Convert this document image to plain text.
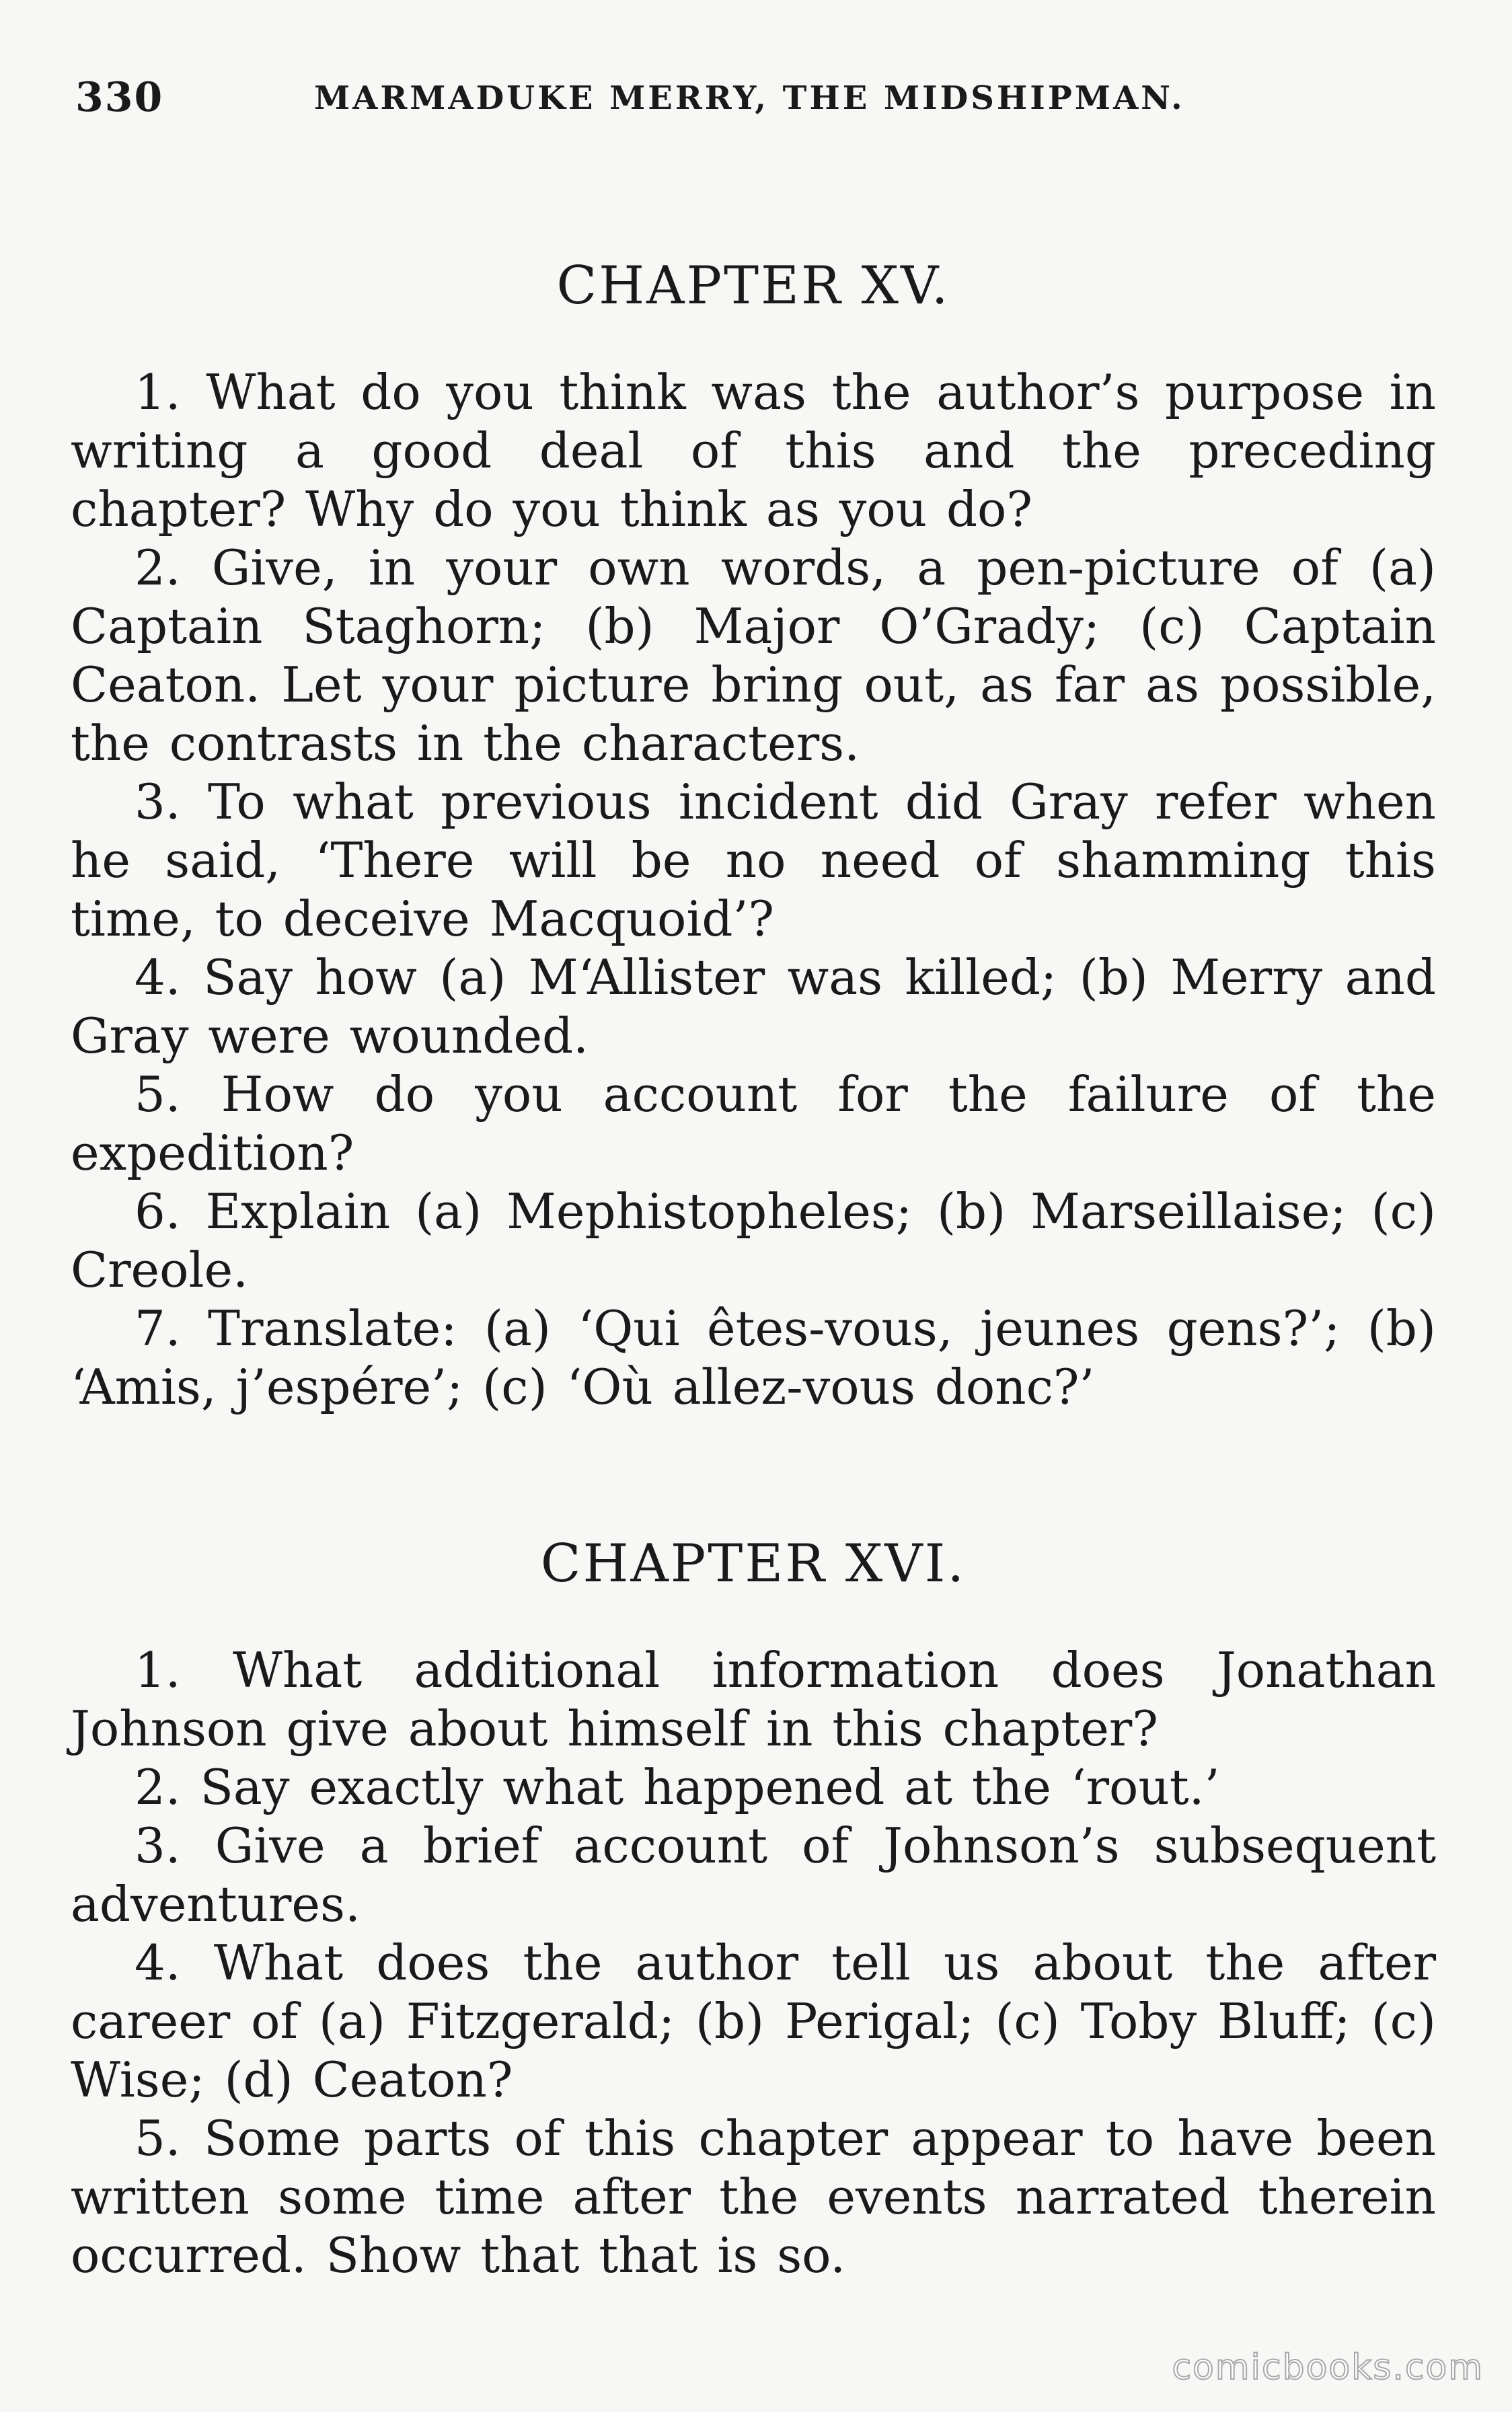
330	MARMADUKE MERRY, THE MIDSHIPMAN.
CHAPTER XV.

1. What do you think was the author’s purpose in writing a good deal of this and the preceding chapter? Why do you think as you do?

2. Give, in your own words, a pen-picture of (a) Captain Staghorn; (b) Major O’Grady; (c) Captain Ceaton. Let your picture bring out, as far as possible, the contrasts in the characters.

3. To what previous incident did Gray refer when he said, ‘There will be no need of shamming this time, to deceive Macquoid’?

4. Say how (a) M‘Allister was killed; (b) Merry and Gray were wounded.

5. How do you account for the failure of the expedition?

6. Explain (a) Mephistopheles; (b) Marseillaise; (c) Creole.

7. Translate: (a) ‘Qui êtes-vous, jeunes gens?’; (b) ‘Amis, j’espére’; (c) ‘Où allez-vous donc?’

CHAPTER XVI.

1. What additional information does Jonathan Johnson give about himself in this chapter?

2. Say exactly what happened at the ‘rout.’

3. Give a brief account of Johnson’s subsequent adventures.

4. What does the author tell us about the after career of (a) Fitzgerald; (b) Perigal; (c) Toby Bluff; (c) Wise; (d) Ceaton?

5. Some parts of this chapter appear to have been written some time after the events narrated therein occurred. Show that that is so.

comicbooks.com
